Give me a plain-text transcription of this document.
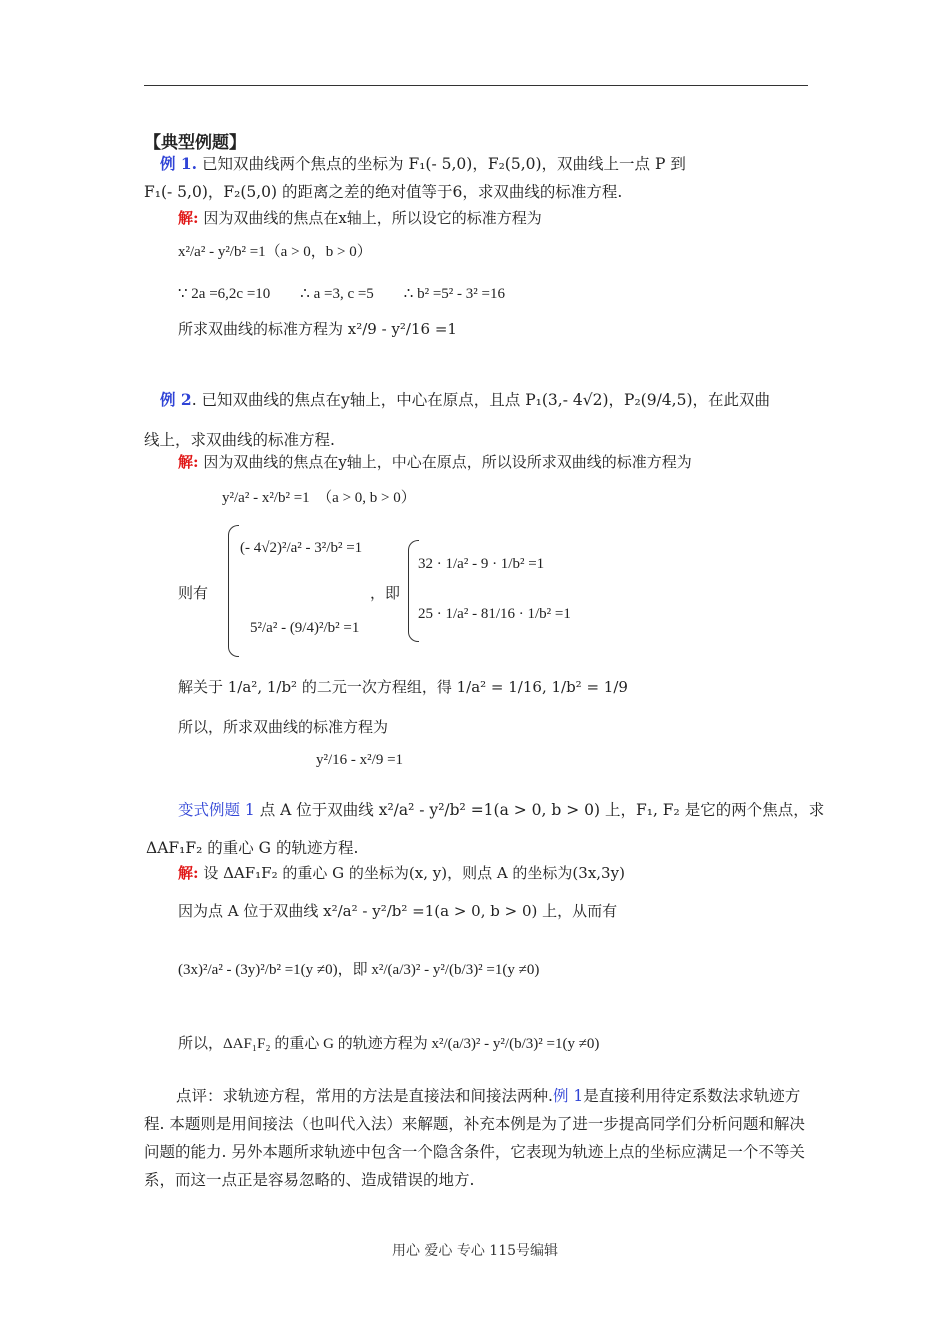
【典型例题】
例 1. 已知双曲线两个焦点的坐标为 F₁(- 5,0)，F₂(5,0)，双曲线上一点 P 到
F₁(- 5,0)，F₂(5,0) 的距离之差的绝对值等于6，求双曲线的标准方程.
解: 因为双曲线的焦点在x轴上，所以设它的标准方程为
x²/a² - y²/b² =1（a > 0，b > 0）
∵ 2a =6,2c =10　　∴ a =3, c =5　　∴ b² =5² - 3² =16
所求双曲线的标准方程为 x²/9 - y²/16 =1
例 2. 已知双曲线的焦点在y轴上，中心在原点，且点 P₁(3,- 4√2)，P₂(9/4,5)，在此双曲
线上，求双曲线的标准方程.
解: 因为双曲线的焦点在y轴上，中心在原点，所以设所求双曲线的标准方程为
y²/a² - x²/b² =1　（a > 0, b > 0）
则有
(- 4√2)²/a² - 3²/b² =1
5²/a² - (9/4)²/b² =1
，即
32 · 1/a² - 9 · 1/b² =1
25 · 1/a² - 81/16 · 1/b² =1
解关于 1/a², 1/b² 的二元一次方程组，得 1/a² = 1/16, 1/b² = 1/9
所以，所求双曲线的标准方程为
y²/16 - x²/9 =1
变式例题 1 点 A 位于双曲线 x²/a² - y²/b² =1(a > 0, b > 0) 上，F₁, F₂ 是它的两个焦点，求
ΔAF₁F₂ 的重心 G 的轨迹方程.
解: 设 ΔAF₁F₂ 的重心 G 的坐标为(x, y)，则点 A 的坐标为(3x,3y)
因为点 A 位于双曲线 x²/a² - y²/b² =1(a > 0, b > 0) 上，从而有
(3x)²/a² - (3y)²/b² =1(y ≠0)，即 x²/(a/3)² - y²/(b/3)² =1(y ≠0)
所以，ΔAF₁F₂ 的重心 G 的轨迹方程为 x²/(a/3)² - y²/(b/3)² =1(y ≠0)
点评：求轨迹方程，常用的方法是直接法和间接法两种.例 1是直接利用待定系数法求轨迹方程. 本题则是用间接法（也叫代入法）来解题，补充本例是为了进一步提高同学们分析问题和解决问题的能力. 另外本题所求轨迹中包含一个隐含条件，它表现为轨迹上点的坐标应满足一个不等关系，而这一点正是容易忽略的、造成错误的地方.
用心 爱心 专心 115号编辑
